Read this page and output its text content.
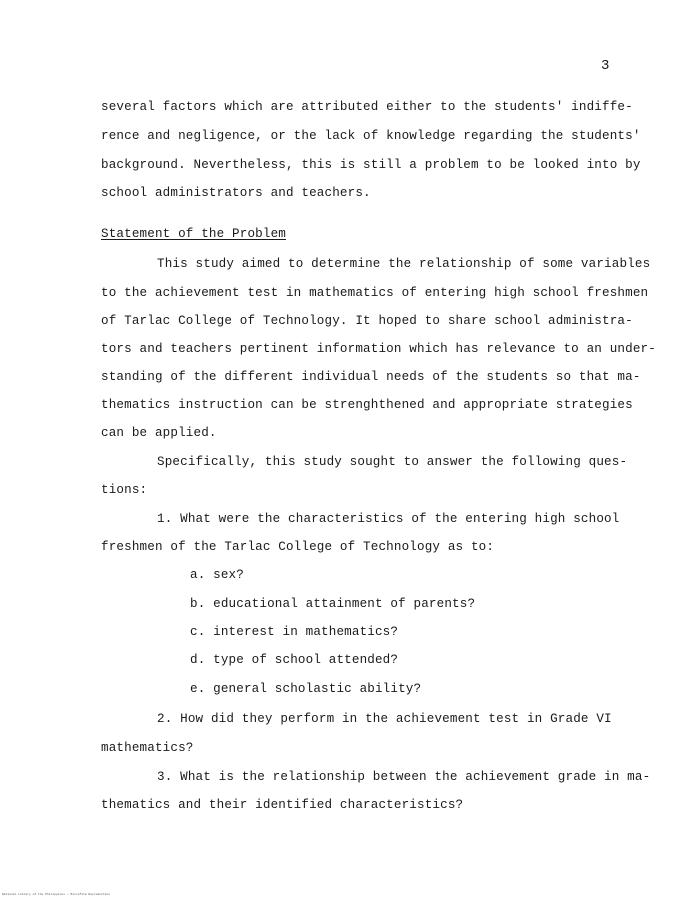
3
several factors which are attributed either to the students' indiffe-
rence and negligence, or the lack of knowledge regarding the students'
background. Nevertheless, this is still a problem to be looked into by
school administrators and teachers.
Statement of the Problem
This study aimed to determine the relationship of some variables
to the achievement test in mathematics of entering high school freshmen
of Tarlac College of Technology. It hoped to share school administra-
tors and teachers pertinent information which has relevance to an under-
standing of the different individual needs of the students so that ma-
thematics instruction can be strenghthened and appropriate strategies
can be applied.
Specifically, this study sought to answer the following ques-
tions:
1. What were the characteristics of the entering high school
freshmen of the Tarlac College of Technology as to:
a. sex?
b. educational attainment of parents?
c. interest in mathematics?
d. type of school attended?
e. general scholastic ability?
2. How did they perform in the achievement test in Grade VI
mathematics?
3. What is the relationship between the achievement grade in ma-
thematics and their identified characteristics?
National Library of the Philippines — Microfilm Reproduction
